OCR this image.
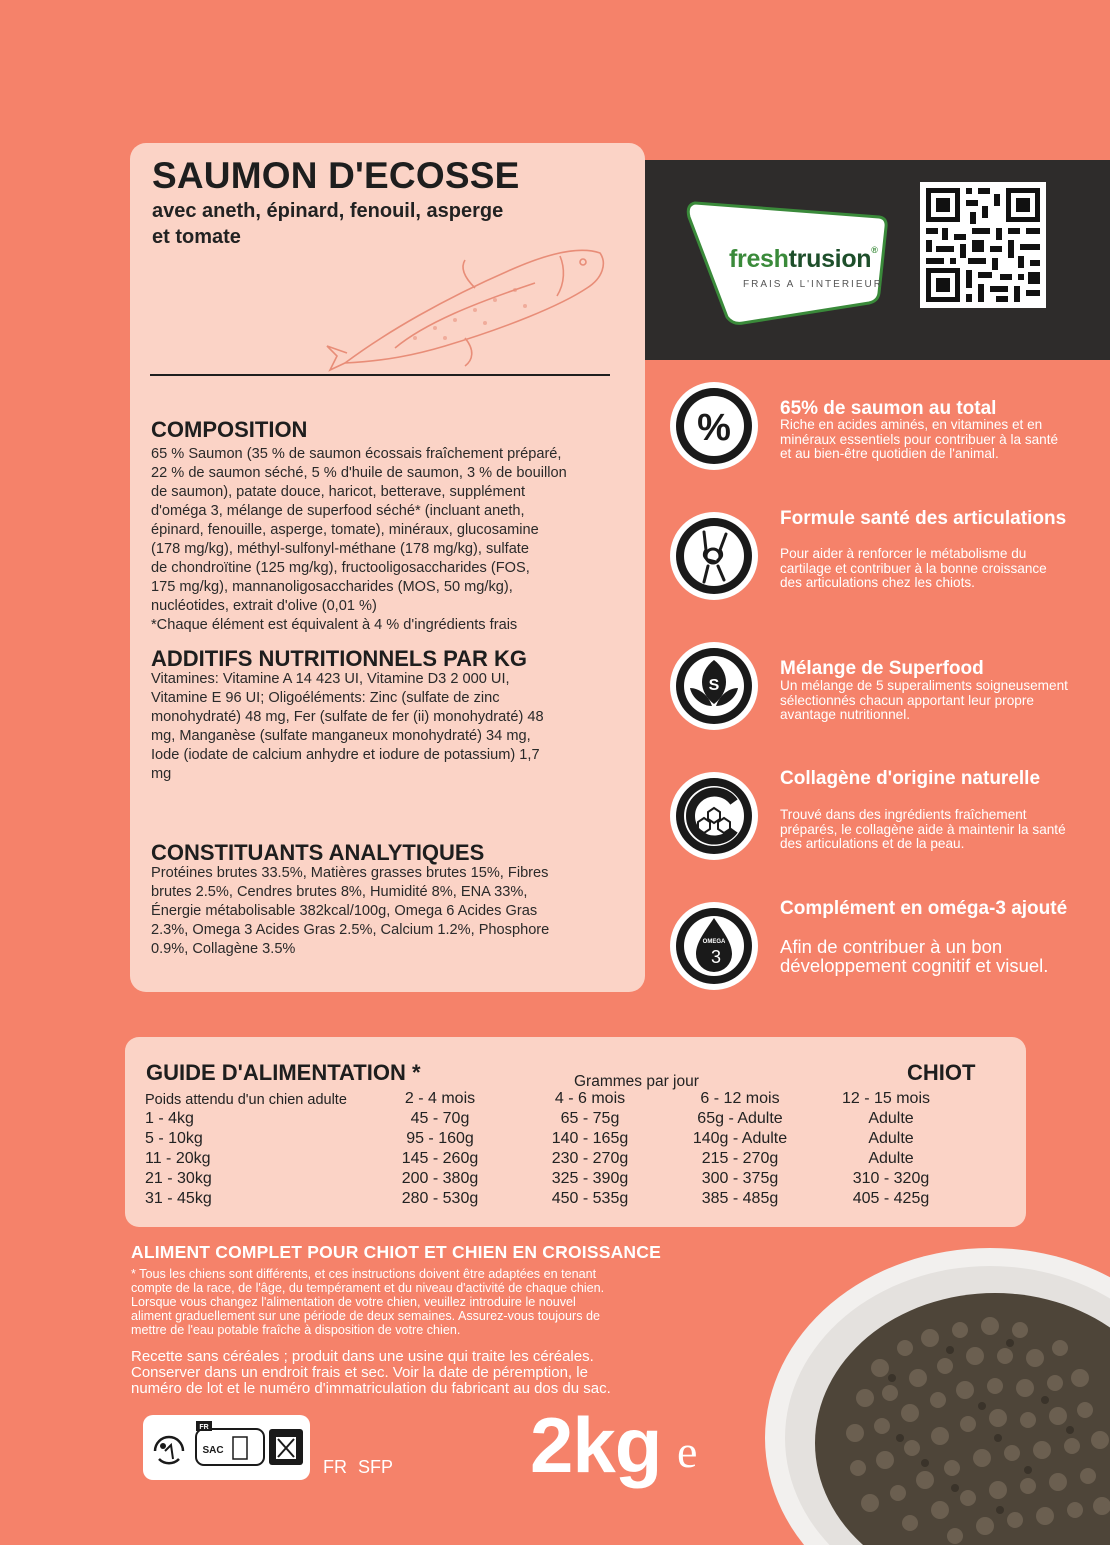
SAUMON D'ECOSSE
avec aneth, épinard, fenouil, asperge et tomate
COMPOSITION
65 % Saumon (35 % de saumon écossais fraîchement préparé,
22 % de saumon séché, 5 % d'huile de saumon, 3 % de bouillon
de saumon), patate douce, haricot, betterave, supplément
d'oméga 3, mélange de superfood séché* (incluant aneth,
épinard, fenouille, asperge, tomate), minéraux, glucosamine
(178 mg/kg), méthyl-sulfonyl-méthane (178 mg/kg), sulfate
de chondroïtine (125 mg/kg), fructooligosaccharides (FOS,
175 mg/kg), mannanoligosaccharides (MOS, 50 mg/kg),
nucléotides, extrait d'olive (0,01 %)
*Chaque élément est équivalent à 4 % d'ingrédients frais
ADDITIFS NUTRITIONNELS PAR KG
Vitamines: Vitamine A 14 423 UI, Vitamine D3 2 000 UI,
Vitamine E 96 UI; Oligoéléments: Zinc (sulfate de zinc
monohydraté) 48 mg, Fer (sulfate de fer (ii) monohydraté) 48
mg, Manganèse (sulfate manganeux monohydraté) 34 mg,
Iode (iodate de calcium anhydre et iodure de potassium) 1,7
mg
CONSTITUANTS ANALYTIQUES
Protéines brutes 33.5%, Matières grasses brutes 15%, Fibres
brutes 2.5%, Cendres brutes 8%, Humidité 8%, ENA 33%,
Énergie métabolisable 382kcal/100g, Omega 6 Acides Gras
2.3%, Omega 3 Acides Gras 2.5%, Calcium 1.2%, Phosphore
0.9%, Collagène 3.5%
freshtrusion®
FRAIS A L'INTERIEUR
%	65% de saumon au total
Riche en acides aminés, en vitamines et en minéraux essentiels pour contribuer à la santé et au bien-être quotidien de l'animal.
Formule santé des articulations
Pour aider à renforcer le métabolisme du cartilage et contribuer à la bonne croissance des articulations chez les chiots.
S
Mélange de Superfood
Un mélange de 5 superaliments soigneusement sélectionnés chacun apportant leur propre avantage nutritionnel.
Collagène d'origine naturelle
Trouvé dans des ingrédients fraîchement préparés, le collagène aide à maintenir la santé des articulations et de la peau.
OMEGA
3
Complément en oméga-3 ajouté
Afin de contribuer à un bon développement cognitif et visuel.
GUIDE D'ALIMENTATION *	CHIOT
Grammes par jour
Poids attendu d'un chien adulte	2 - 4 mois	4 - 6 mois	6 - 12 mois	12 - 15 mois
1 - 4kg	45 - 70g	65 - 75g	65g - Adulte	Adulte
5 - 10kg	95 - 160g	140 - 165g	140g - Adulte	Adulte
11 - 20kg	145 - 260g	230 - 270g	215 - 270g	Adulte
21 - 30kg	200 - 380g	325 - 390g	300 - 375g	310 - 320g
31 - 45kg	280 - 530g	450 - 535g	385 - 485g	405 - 425g
ALIMENT COMPLET POUR CHIOT ET CHIEN EN CROISSANCE
* Tous les chiens sont différents, et ces instructions doivent être adaptées en tenant
compte de la race, de l'âge, du tempérament et du niveau d'activité de chaque chien.
Lorsque vous changez l'alimentation de votre chien, veuillez introduire le nouvel
aliment graduellement sur une période de deux semaines. Assurez-vous toujours de
mettre de l'eau potable fraîche à disposition de votre chien.
Recette sans céréales ; produit dans une usine qui traite les céréales.
Conserver dans un endroit frais et sec. Voir la date de péremption, le
numéro de lot et le numéro d'immatriculation du fabricant au dos du sac.
FR
SAC
FR SFP 2kg e
